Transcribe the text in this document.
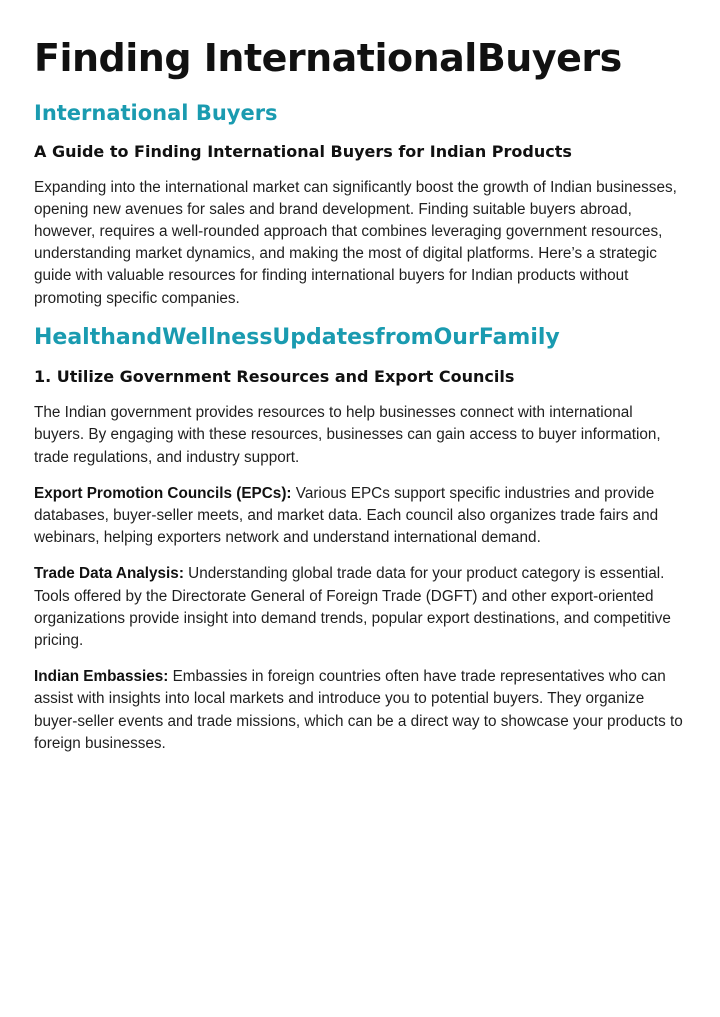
Finding InternationalBuyers
International Buyers
A Guide to Finding International Buyers for Indian Products

Expanding into the international market can significantly boost the growth of Indian businesses, opening new avenues for sales and brand development. Finding suitable buyers abroad, however, requires a well-rounded approach that combines leveraging government resources, understanding market dynamics, and making the most of digital platforms. Here’s a strategic guide with valuable resources for finding international buyers for Indian products without promoting specific companies.

HealthandWellnessUpdatesfromOurFamily
1. Utilize Government Resources and Export Councils

The Indian government provides resources to help businesses connect with international buyers. By engaging with these resources, businesses can gain access to buyer information, trade regulations, and industry support.

Export Promotion Councils (EPCs): Various EPCs support specific industries and provide databases, buyer-seller meets, and market data. Each council also organizes trade fairs and webinars, helping exporters network and understand international demand.

Trade Data Analysis: Understanding global trade data for your product category is essential. Tools offered by the Directorate General of Foreign Trade (DGFT) and other export-oriented organizations provide insight into demand trends, popular export destinations, and competitive pricing.

Indian Embassies: Embassies in foreign countries often have trade representatives who can assist with insights into local markets and introduce you to potential buyers. They organize buyer-seller events and trade missions, which can be a direct way to showcase your products to foreign businesses.
